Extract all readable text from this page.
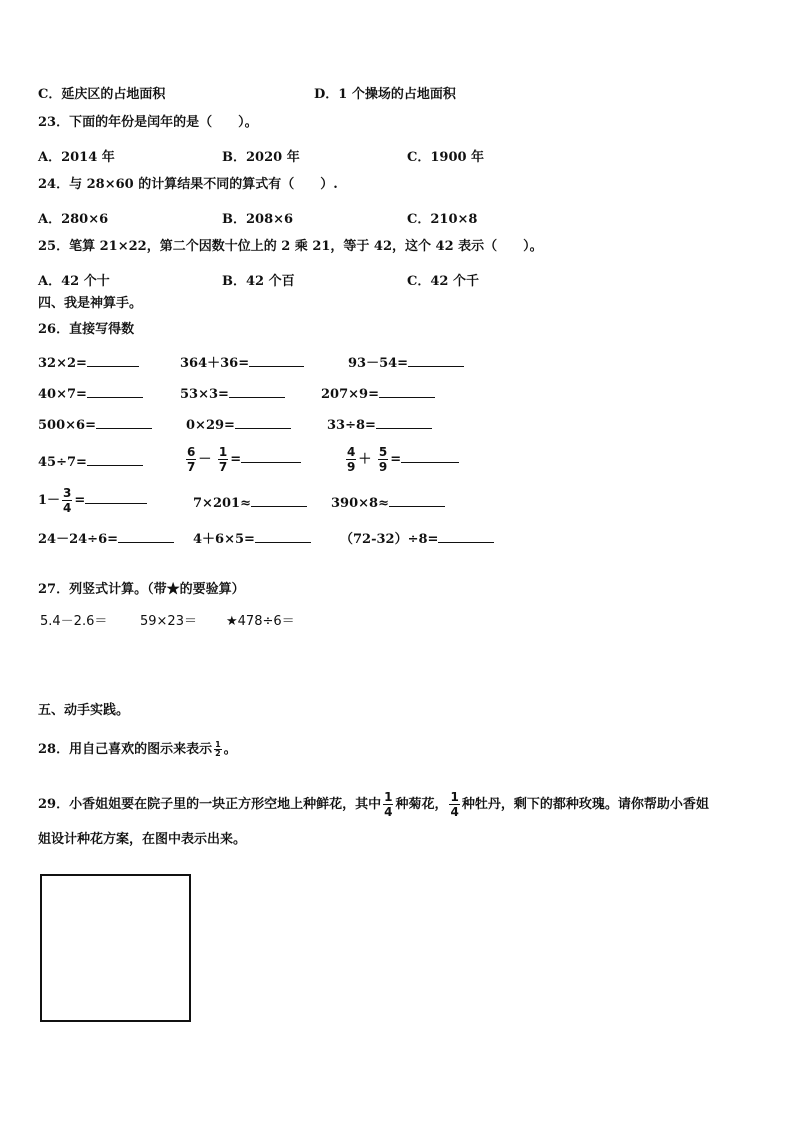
C．延庆区的占地面积	D．1 个操场的占地面积
23．下面的年份是闰年的是（　　）。
A．2014 年	B．2020 年	C．1900 年
24．与 28×60 的计算结果不同的算式有（　　）.
A．280×6	B．208×6	C．210×8
25．笔算 21×22，第二个因数十位上的 2 乘 21，等于 42，这个 42 表示（　　）。
A．42 个十	B．42 个百	C．42 个千
四、我是神算手。
26．直接写得数
32×2=	364＋36=	93－54=
40×7=	53×3=	207×9=
500×6=	0×29=	33÷8=
45÷7=	$\frac{6}{7} - \frac{1}{7}$ =	$\frac{4}{9} + \frac{5}{9}$ =
$1- \frac{3}{4}$ =	7×201≈	390×8≈
24－24÷6=	4＋6×5=	（72-32）÷8=
27．列竖式计算。（带★的要验算）
5.4－2.6＝	59×23＝ ★478÷6＝
五、动手实践。
28．用自己喜欢的图示来表示 $\frac{1}{2}$ 。
29．小香姐姐要在院子里的一块正方形空地上种鲜花，其中 $\frac{1}{4}$ 种菊花， $\frac{1}{4}$ 种牡丹，剩下的都种玫瑰。请你帮助小香姐
姐设计种花方案，在图中表示出来。
